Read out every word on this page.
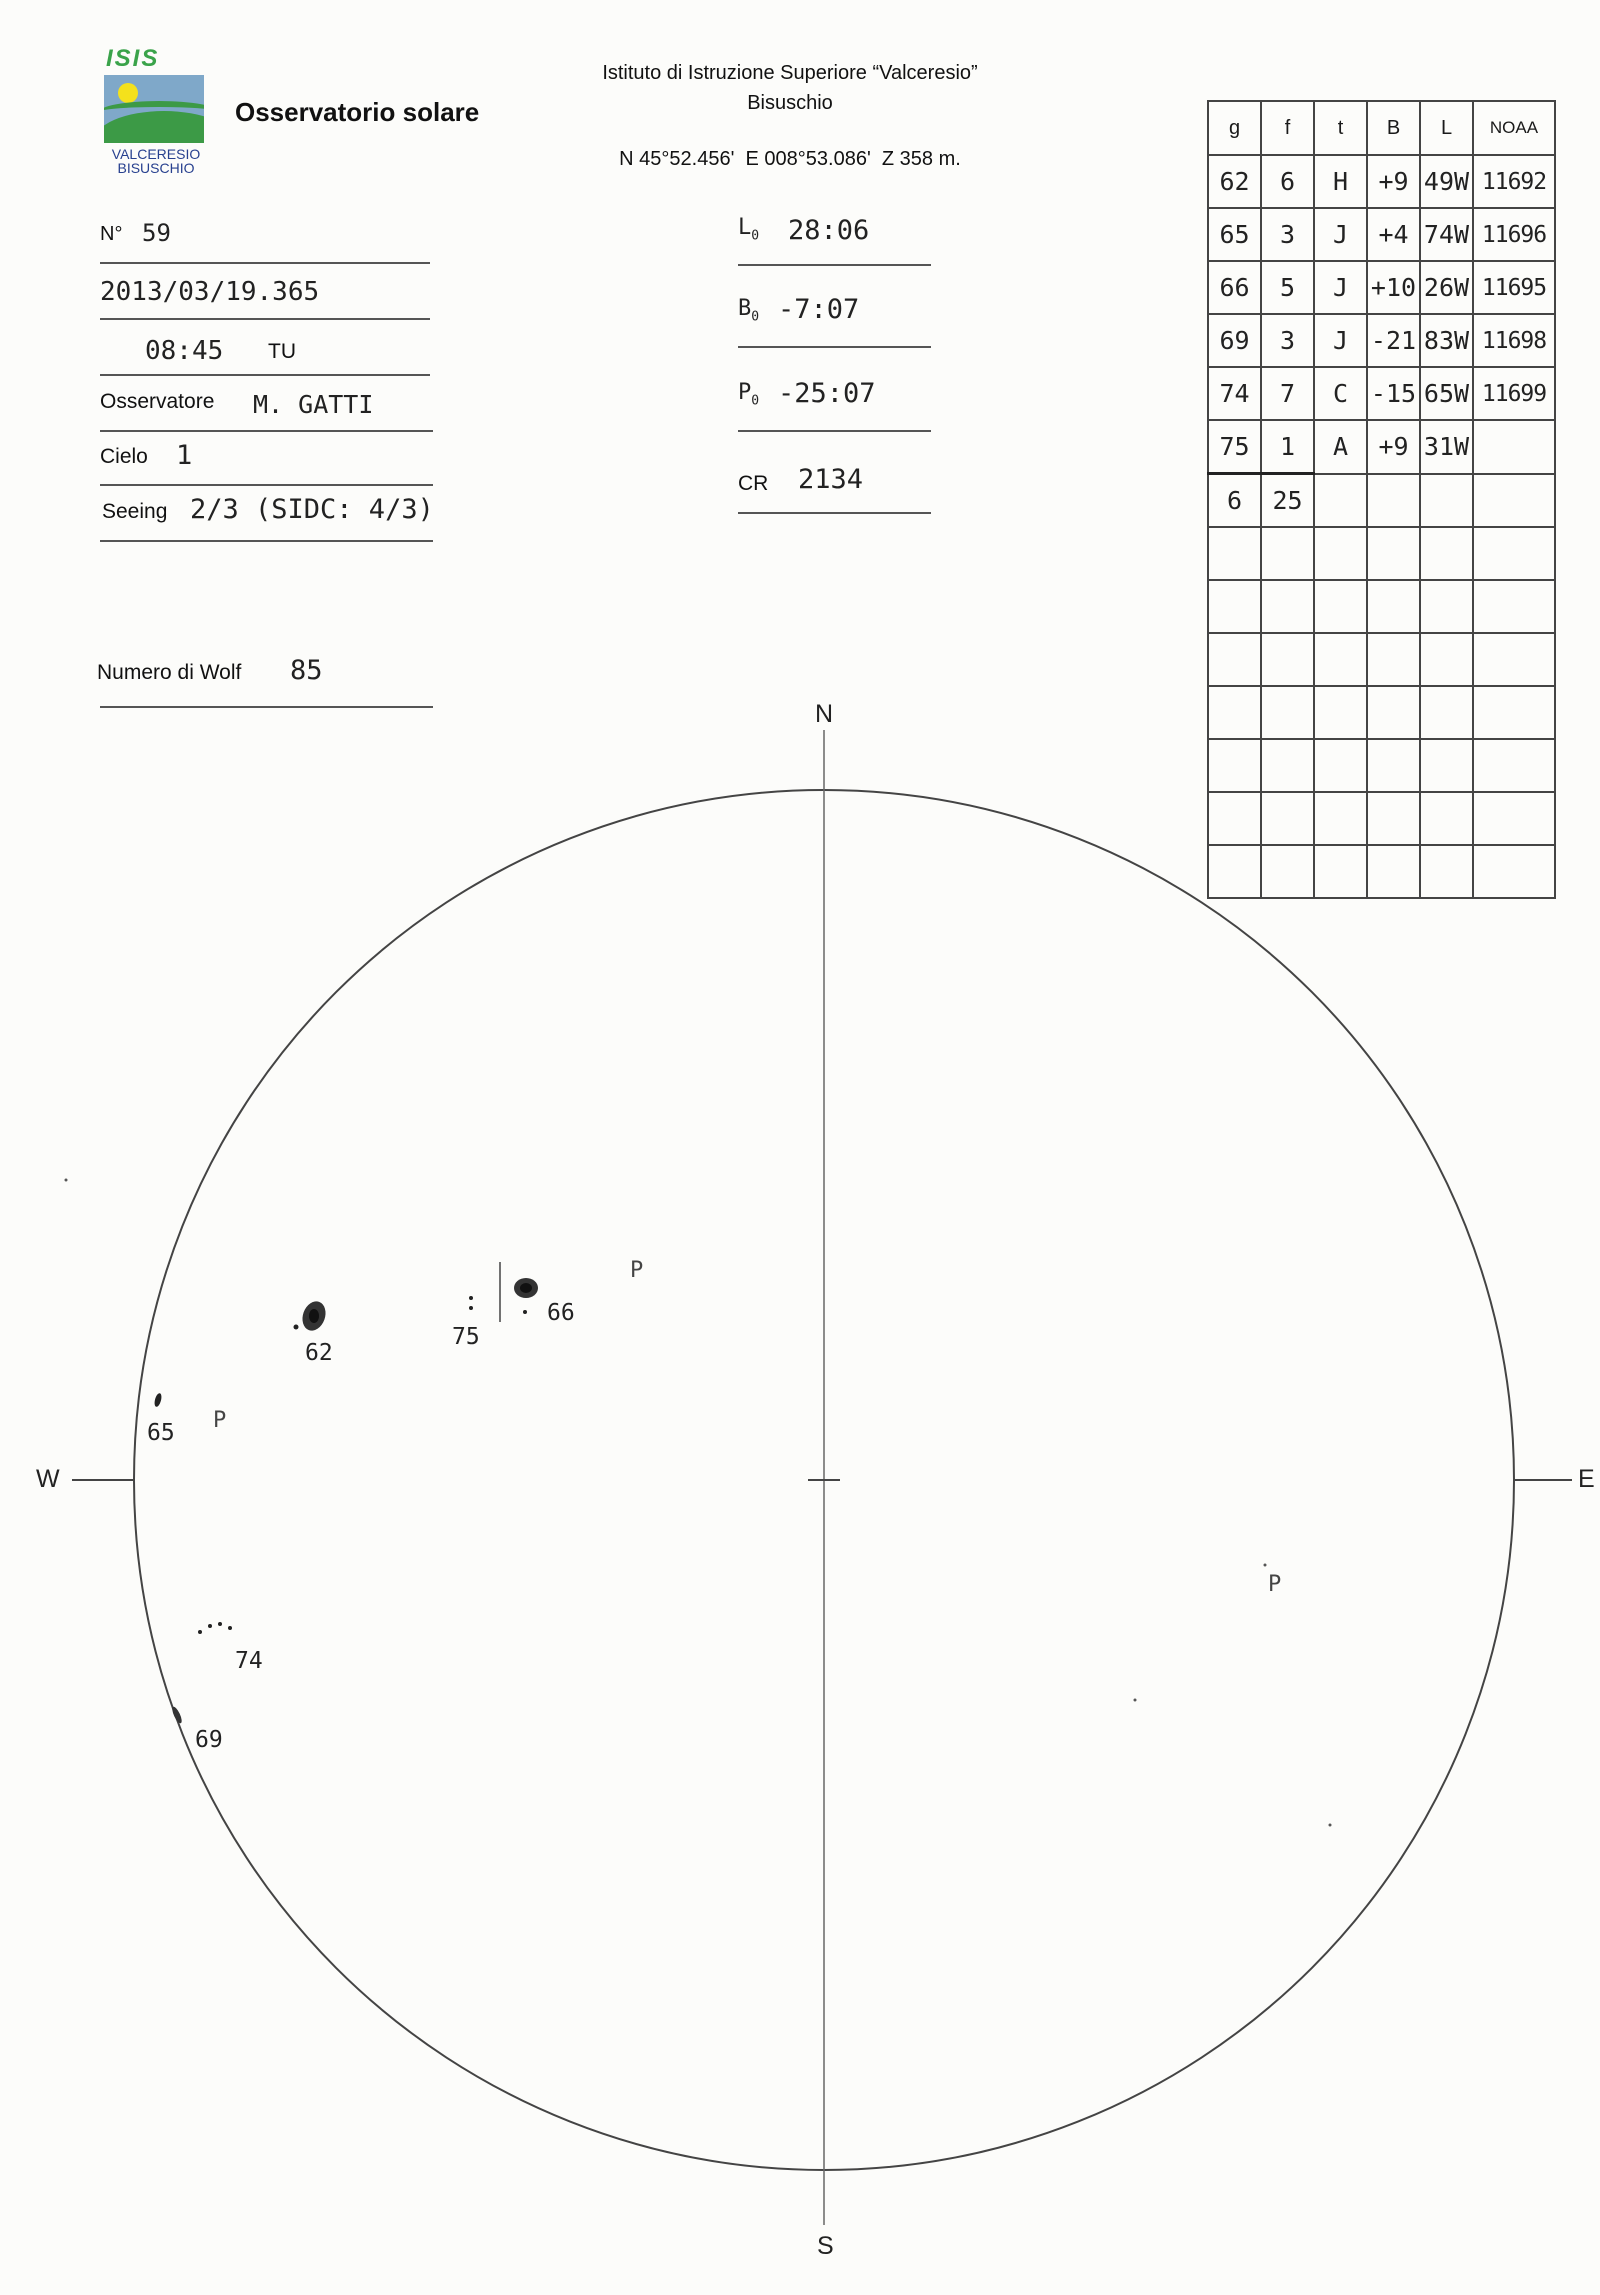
ISIS
VALCERESIO
BISUSCHIO
Osservatorio solare
Istituto di Istruzione Superiore “Valceresio”
Bisuschio
N 45°52.456'  E 008°53.086'  Z 358 m.
N° 59
2013/03/19.365
08:45 TU
Osservatore M. GATTI
Cielo 1
Seeing 2/3 (SIDC: 4/3)
Numero di Wolf 85
$L_0$ 28:06
$B_0$ -7:07
$P_0$ -25:07
CR 2134
g	f	t	B	L	NOAA
62	6	H	+9	49W	11692
65	3	J	+4	74W	11696
66	5	J	+10	26W	11695
69	3	J	-21	83W	11698
74	7	C	-15	65W	11699
75	1	A	+9	31W	
6	25				

N
S
W	E
62
65
66
69
74
75
P
P
P
